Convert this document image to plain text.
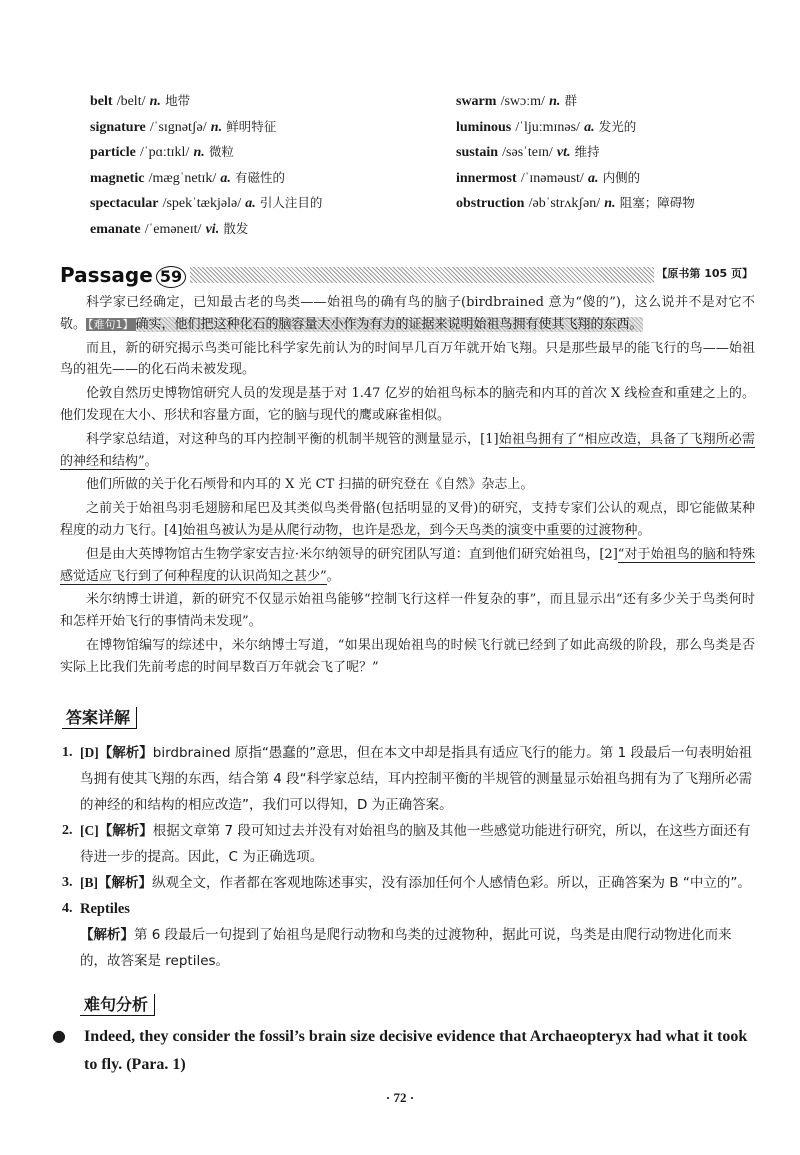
belt /belt/ n. 地带
signature /ˈsɪgnətʃə/ n. 鲜明特征
particle /ˈpɑːtɪkl/ n. 微粒
magnetic /mægˈnetɪk/ a. 有磁性的
spectacular /spekˈtækjələ/ a. 引人注目的
emanate /ˈeməneɪt/ vi. 散发
swarm /swɔːm/ n. 群
luminous /ˈljuːmɪnəs/ a. 发光的
sustain /səsˈteɪn/ vt. 维持
innermost /ˈɪnəməust/ a. 内侧的
obstruction /əbˈstrʌkʃən/ n. 阻塞；障碍物
Passage 59	【原书第 105 页】

科学家已经确定，已知最古老的鸟类——始祖鸟的确有鸟的脑子(birdbrained 意为“傻的”)，这么说并不是对它不敬。 【难句1】 确实，他们把这种化石的脑容量大小作为有力的证据来说明始祖鸟拥有使其飞翔的东西。

而且，新的研究揭示鸟类可能比科学家先前认为的时间早几百万年就开始飞翔。只是那些最早的能飞行的鸟——始祖鸟的祖先——的化石尚未被发现。

伦敦自然历史博物馆研究人员的发现是基于对 1.47 亿岁的始祖鸟标本的脑壳和内耳的首次 X 线检查和重建之上的。他们发现在大小、形状和容量方面，它的脑与现代的鹰或麻雀相似。

科学家总结道，对这种鸟的耳内控制平衡的机制半规管的测量显示，[1]始祖鸟拥有了“相应改造，具备了飞翔所必需的神经和结构”。

他们所做的关于化石颅骨和内耳的 X 光 CT 扫描的研究登在《自然》杂志上。

之前关于始祖鸟羽毛翅膀和尾巴及其类似鸟类骨骼(包括明显的叉骨)的研究，支持专家们公认的观点，即它能做某种程度的动力飞行。[4]始祖鸟被认为是从爬行动物，也许是恐龙，到今天鸟类的演变中重要的过渡物种。

但是由大英博物馆古生物学家安吉拉·米尔纳领导的研究团队写道：直到他们研究始祖鸟，[2]“对于始祖鸟的脑和特殊感觉适应飞行到了何种程度的认识尚知之甚少”。

米尔纳博士讲道，新的研究不仅显示始祖鸟能够“控制飞行这样一件复杂的事”，而且显示出“还有多少关于鸟类何时和怎样开始飞行的事情尚未发现”。

在博物馆编写的综述中，米尔纳博士写道，“如果出现始祖鸟的时候飞行就已经到了如此高级的阶段，那么鸟类是否实际上比我们先前考虑的时间早数百万年就会飞了呢？”

答案详解
1. [D]【解析】birdbrained 原指“愚蠢的”意思，但在本文中却是指具有适应飞行的能力。第 1 段最后一句表明始祖鸟拥有使其飞翔的东西，结合第 4 段“科学家总结，耳内控制平衡的半规管的测量显示始祖鸟拥有为了飞翔所必需的神经的和结构的相应改造”，我们可以得知，D 为正确答案。
2. [C]【解析】根据文章第 7 段可知过去并没有对始祖鸟的脑及其他一些感觉功能进行研究，所以，在这些方面还有待进一步的提高。因此，C 为正确选项。
3. [B]【解析】纵观全文，作者都在客观地陈述事实，没有添加任何个人感情色彩。所以，正确答案为 B “中立的”。
4. Reptiles
【解析】第 6 段最后一句提到了始祖鸟是爬行动物和鸟类的过渡物种，据此可说，鸟类是由爬行动物进化而来的，故答案是 reptiles。
难句分析
● Indeed, they consider the fossil’s brain size decisive evidence that Archaeopteryx had what it took to fly. (Para. 1)
· 72 ·
